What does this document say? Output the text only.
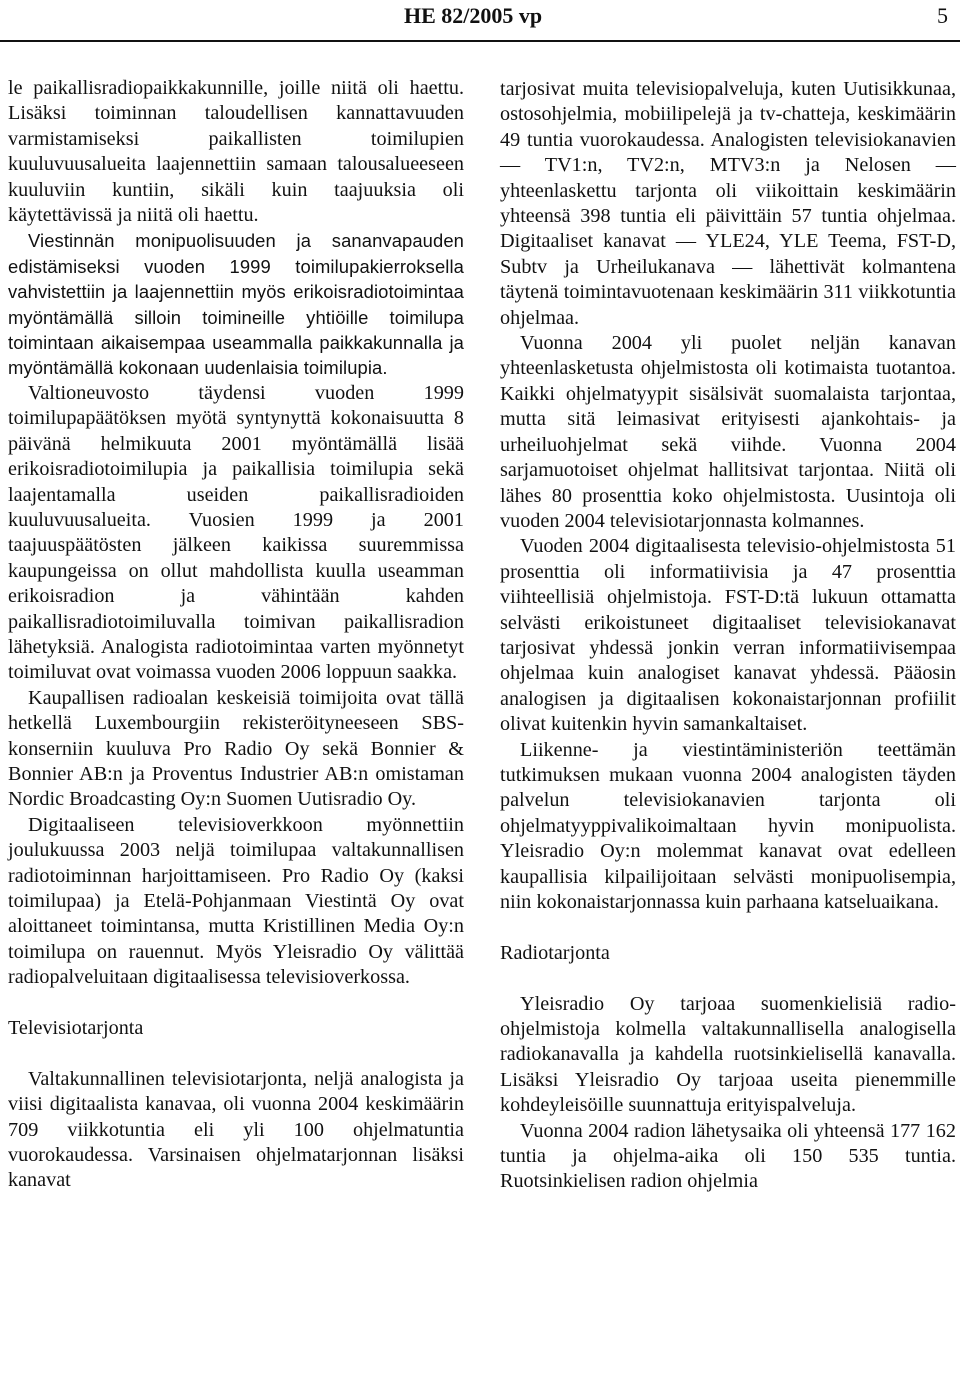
HE 82/2005 vp	5

le paikallisradiopaikkakunnille, joille niitä oli haettu. Lisäksi toiminnan taloudellisen kannattavuuden varmistamiseksi paikallisten toimilupien kuuluvuusalueita laajennettiin samaan talousalueeseen kuuluviin kuntiin, sikäli kuin taajuuksia oli käytettävissä ja niitä oli haettu.

Viestinnän monipuolisuuden ja sananvapauden edistämiseksi vuoden 1999 toimilupakierroksella vahvistettiin ja laajennettiin myös erikoisradiotoimintaa myöntämällä silloin toimineille yhtiöille toimilupa toimintaan aikaisempaa useammalla paikkakunnalla ja myöntämällä kokonaan uudenlaisia toimilupia.

Valtioneuvosto täydensi vuoden 1999 toimilupapäätöksen myötä syntynyttä kokonaisuutta 8 päivänä helmikuuta 2001 myöntämällä lisää erikoisradiotoimilupia ja paikallisia toimilupia sekä laajentamalla useiden paikallisradioiden kuuluvuusalueita. Vuosien 1999 ja 2001 taajuuspäätösten jälkeen kaikissa suuremmissa kaupungeissa on ollut mahdollista kuulla useamman erikoisradion ja vähintään kahden paikallisradiotoimiluvalla toimivan paikallisradion lähetyksiä. Analogista radiotoimintaa varten myönnetyt toimiluvat ovat voimassa vuoden 2006 loppuun saakka.

Kaupallisen radioalan keskeisiä toimijoita ovat tällä hetkellä Luxembourgiin rekisteröityneeseen SBS-konserniin kuuluva Pro Radio Oy sekä Bonnier & Bonnier AB:n ja Proventus Industrier AB:n omistaman Nordic Broadcasting Oy:n Suomen Uutisradio Oy.

Digitaaliseen televisioverkkoon myönnettiin joulukuussa 2003 neljä toimilupaa valtakunnallisen radiotoiminnan harjoittamiseen. Pro Radio Oy (kaksi toimilupaa) ja Etelä-Pohjanmaan Viestintä Oy ovat aloittaneet toimintansa, mutta Kristillinen Media Oy:n toimilupa on rauennut. Myös Yleisradio Oy välittää radiopalveluitaan digitaalisessa televisioverkossa.

Televisiotarjonta

Valtakunnallinen televisiotarjonta, neljä analogista ja viisi digitaalista kanavaa, oli vuonna 2004 keskimäärin 709 viikkotuntia eli yli 100 ohjelmatuntia vuorokaudessa. Varsinaisen ohjelmatarjonnan lisäksi kanavat

tarjosivat muita televisiopalveluja, kuten Uutisikkunaa, ostosohjelmia, mobiilipelejä ja tv-chatteja, keskimäärin 49 tuntia vuorokaudessa. Analogisten televisiokanavien — TV1:n, TV2:n, MTV3:n ja Nelosen — yhteenlaskettu tarjonta oli viikoittain keskimäärin yhteensä 398 tuntia eli päivittäin 57 tuntia ohjelmaa. Digitaaliset kanavat — YLE24, YLE Teema, FST-D, Subtv ja Urheilukanava — lähettivät kolmantena täytenä toimintavuotenaan keskimäärin 311 viikkotuntia ohjelmaa.

Vuonna 2004 yli puolet neljän kanavan yhteenlasketusta ohjelmistosta oli kotimaista tuotantoa. Kaikki ohjelmatyypit sisälsivät suomalaista tarjontaa, mutta sitä leimasivat erityisesti ajankohtais- ja urheiluohjelmat sekä viihde. Vuonna 2004 sarjamuotoiset ohjelmat hallitsivat tarjontaa. Niitä oli lähes 80 prosenttia koko ohjelmistosta. Uusintoja oli vuoden 2004 televisiotarjonnasta kolmannes.

Vuoden 2004 digitaalisesta televisio-ohjelmistosta 51 prosenttia oli informatiivisia ja 47 prosenttia viihteellisiä ohjelmistoja. FST-D:tä lukuun ottamatta selvästi erikoistuneet digitaaliset televisiokanavat tarjosivat yhdessä jonkin verran informatiivisempaa ohjelmaa kuin analogiset kanavat yhdessä. Pääosin analogisen ja digitaalisen kokonaistarjonnan profiilit olivat kuitenkin hyvin samankaltaiset.

Liikenne- ja viestintäministeriön teettämän tutkimuksen mukaan vuonna 2004 analogisten täyden palvelun televisiokanavien tarjonta oli ohjelmatyyppivalikoimaltaan hyvin monipuolista. Yleisradio Oy:n molemmat kanavat ovat edelleen kaupallisia kilpailijoitaan selvästi monipuolisempia, niin kokonaistarjonnassa kuin parhaana katseluaikana.

Radiotarjonta

Yleisradio Oy tarjoaa suomenkielisiä radio-ohjelmistoja kolmella valtakunnallisella analogisella radiokanavalla ja kahdella ruotsinkielisellä kanavalla. Lisäksi Yleisradio Oy tarjoaa useita pienemmille kohdeyleisöille suunnattuja erityispalveluja.

Vuonna 2004 radion lähetysaika oli yhteensä 177 162 tuntia ja ohjelma-aika oli 150 535 tuntia. Ruotsinkielisen radion ohjelmia
